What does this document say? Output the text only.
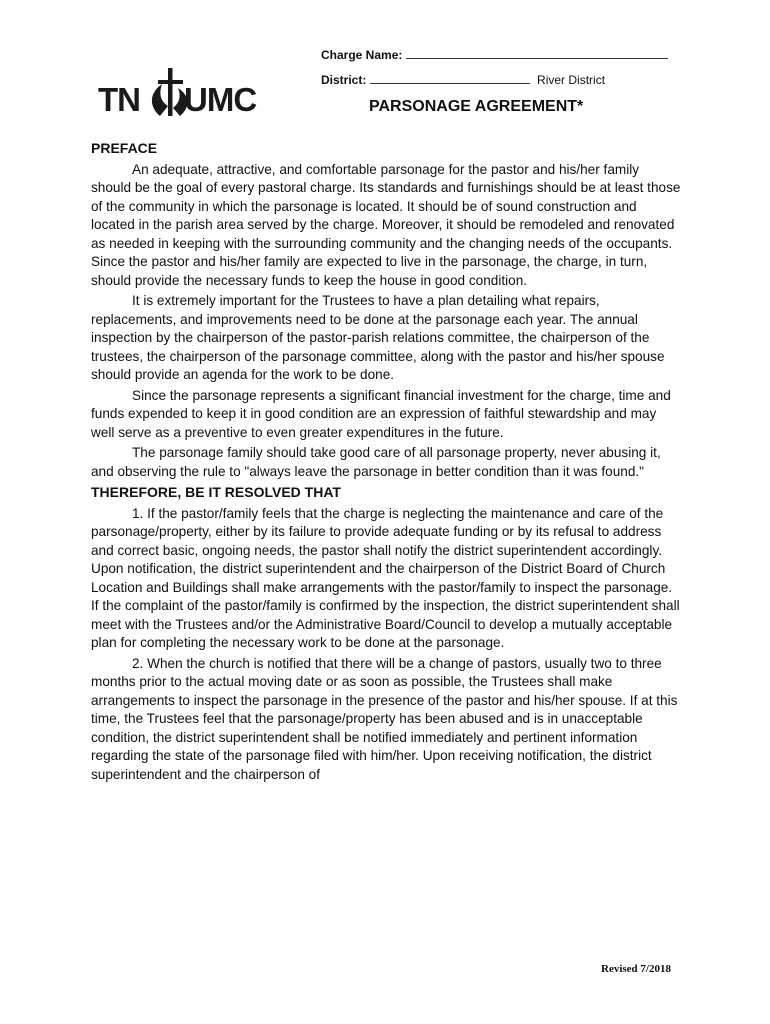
TN UMC
Charge Name:
District:	River District
PARSONAGE AGREEMENT*
PREFACE

An adequate, attractive, and comfortable parsonage for the pastor and his/her family should be the goal of every pastoral charge. Its standards and furnishings should be at least those of the community in which the parsonage is located. It should be of sound construction and located in the parish area served by the charge. Moreover, it should be remodeled and renovated as needed in keeping with the surrounding community and the changing needs of the occupants. Since the pastor and his/her family are expected to live in the parsonage, the charge, in turn, should provide the necessary funds to keep the house in good condition.

It is extremely important for the Trustees to have a plan detailing what repairs, replacements, and improvements need to be done at the parsonage each year. The annual inspection by the chairperson of the pastor-parish relations committee, the chairperson of the trustees, the chairperson of the parsonage committee, along with the pastor and his/her spouse should provide an agenda for the work to be done.

Since the parsonage represents a significant financial investment for the charge, time and funds expended to keep it in good condition are an expression of faithful stewardship and may well serve as a preventive to even greater expenditures in the future.

The parsonage family should take good care of all parsonage property, never abusing it, and observing the rule to "always leave the parsonage in better condition than it was found."

THEREFORE, BE IT RESOLVED THAT

1. If the pastor/family feels that the charge is neglecting the maintenance and care of the parsonage/property, either by its failure to provide adequate funding or by its refusal to address and correct basic, ongoing needs, the pastor shall notify the district superintendent accordingly. Upon notification, the district superintendent and the chairperson of the District Board of Church Location and Buildings shall make arrangements with the pastor/family to inspect the parsonage. If the complaint of the pastor/family is confirmed by the inspection, the district superintendent shall meet with the Trustees and/or the Administrative Board/Council to develop a mutually acceptable plan for completing the necessary work to be done at the parsonage.

2. When the church is notified that there will be a change of pastors, usually two to three months prior to the actual moving date or as soon as possible, the Trustees shall make arrangements to inspect the parsonage in the presence of the pastor and his/her spouse. If at this time, the Trustees feel that the parsonage/property has been abused and is in unacceptable condition, the district superintendent shall be notified immediately and pertinent information regarding the state of the parsonage filed with him/her. Upon receiving notification, the district superintendent and the chairperson of

Revised 7/2018
